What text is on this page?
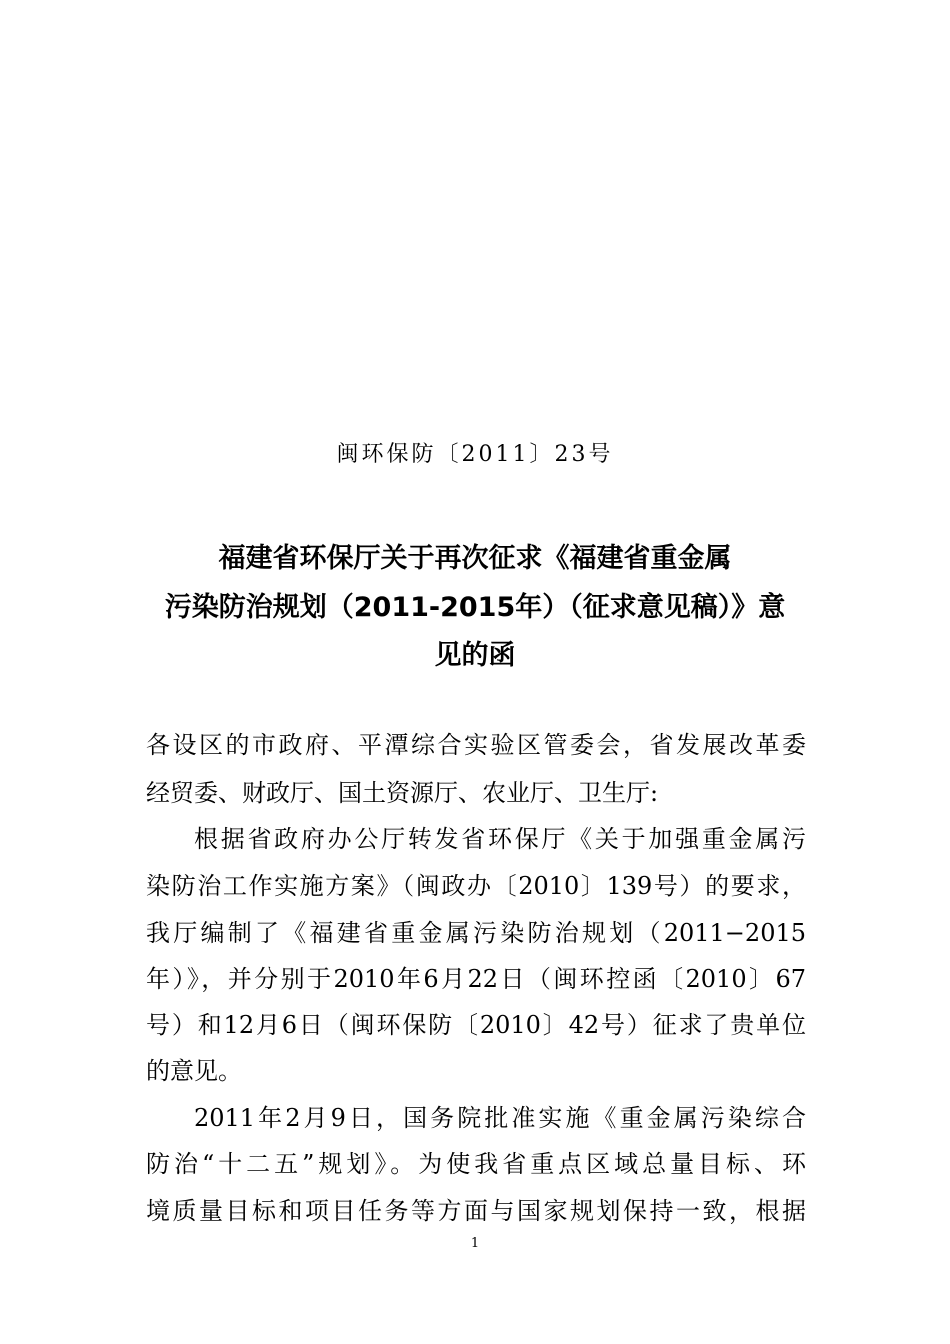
闽环保防〔2011〕23号
福建省环保厅关于再次征求《福建省重金属
污染防治规划（2011-2015年）（征求意见稿）》意
见的函
各设区的市政府、平潭综合实验区管委会，省发展改革委
经贸委、财政厅、国土资源厅、农业厅、卫生厅:
根据省政府办公厅转发省环保厅《关于加强重金属污
染防治工作实施方案》（闽政办〔2010〕139号）的要求，
我厅编制了《福建省重金属污染防治规划（2011−2015
年）》，并分别于2010年6月22日（闽环控函〔2010〕67
号）和12月6日（闽环保防〔2010〕42号）征求了贵单位
的意见。
2011年2月9日，国务院批准实施《重金属污染综合
防治“十二五”规划》。为使我省重点区域总量目标、环
境质量目标和项目任务等方面与国家规划保持一致，根据
1
